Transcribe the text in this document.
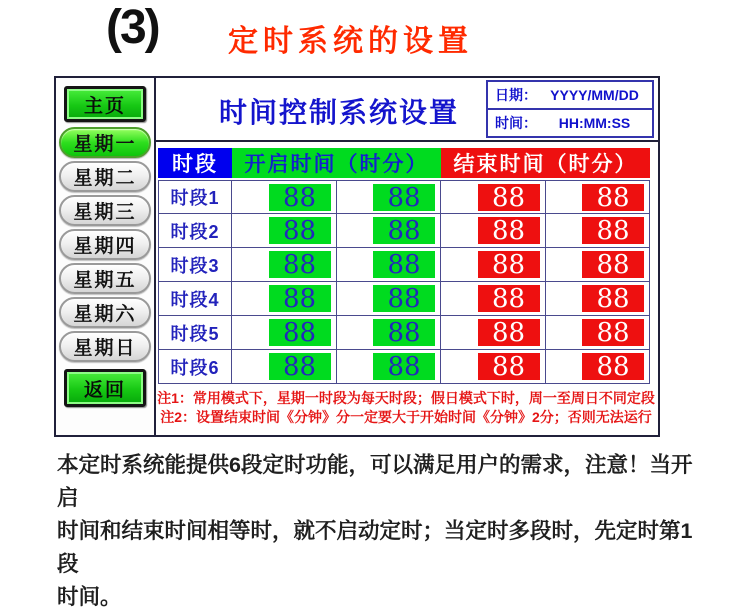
(3) 定时系统的设置
主页
星期一
星期二
星期三
星期四
星期五
星期六
星期日
返回
时间控制系统设置
日期： YYYY/MM/DD
时间：	HH:MM:SS
时段	开启时间（时分）	结束时间（时分）
时段1	88	88	88	88
时段2	88	88	88	88
时段3	88	88	88	88
时段4	88	88	88	88
时段5	88	88	88	88
时段6	88	88	88	88
注1：常用模式下，星期一时段为每天时段；假日模式下时，周一至周日不同定段
注2：设置结束时间《分钟》分一定要大于开始时间《分钟》2分；否则无法运行
本定时系统能提供6段定时功能，可以满足用户的需求，注意！当开启
时间和结束时间相等时，就不启动定时；当定时多段时，先定时第1段
时间。
